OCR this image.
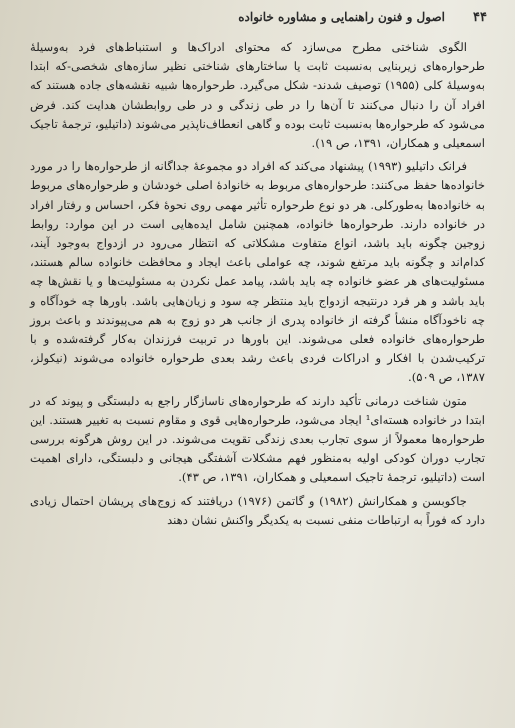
۴۴
اصول و فنون راهنمایی و مشاوره خانواده

الگوی شناختی مطرح می‌سازد که محتوای ادراک‌ها و استنباط‌های فرد به‌وسیلهٔ طرحواره‌های زیربنایی به‌نسبت ثابت یا ساختارهای شناختی نظیر سازه‌های شخصی-که ابتدا به‌وسیلهٔ کلی (۱۹۵۵) توصیف شدند- شکل می‌گیرد. طرحواره‌ها شبیه نقشه‌های جاده هستند که افراد آن را دنبال می‌کنند تا آن‌ها را در طی زندگی و در طی روابطشان هدایت کند. فرض می‌شود که طرحواره‌ها به‌نسبت ثابت بوده و گاهی انعطاف‌ناپذیر می‌شوند (داتیلیو، ترجمهٔ تاجیک اسمعیلی و همکاران، ۱۳۹۱، ص ۱۹).

فرانک داتیلیو (۱۹۹۳) پیشنهاد می‌کند که افراد دو مجموعهٔ جداگانه از طرحواره‌ها را در مورد خانواده‌ها حفظ می‌کنند: طرحواره‌های مربوط به خانوادهٔ اصلی خودشان و طرحواره‌های مربوط به خانواده‌ها به‌طورکلی. هر دو نوع طرحواره تأثیر مهمی روی نحوهٔ فکر، احساس و رفتار افراد در خانواده دارند. طرحواره‌ها خانواده، همچنین شامل ایده‌هایی است در این موارد: روابط زوجین چگونه باید باشد، انواع متفاوت مشکلاتی که انتظار می‌رود در ازدواج به‌وجود آیند، کدام‌اند و چگونه باید مرتفع شوند، چه عواملی باعث ایجاد و محافظت خانواده سالم هستند، مسئولیت‌های هر عضو خانواده چه باید باشد، پیامد عمل نکردن به مسئولیت‌ها و یا نقش‌ها چه باید باشد و هر فرد درنتیجه ازدواج باید منتظر چه سود و زیان‌هایی باشد. باورها چه خودآگاه و چه ناخودآگاه منشأ گرفته از خانواده پدری از جانب هر دو زوج به هم می‌پیوندند و باعث بروز طرحواره‌های خانواده فعلی می‌شوند. این باورها در تربیت فرزندان به‌کار گرفته‌شده و با ترکیب‌شدن با افکار و ادراکات فردی باعث رشد بعدی طرحواره خانواده می‌شوند (نیکولز، ۱۳۸۷، ص ۵۰۹).

متون شناخت درمانی تأکید دارند که طرحواره‌های ناسازگار راجع به دلبستگی و پیوند که در ابتدا در خانواده هسته‌ای¹ ایجاد می‌شود، طرحواره‌هایی قوی و مقاوم نسبت به تغییر هستند. این طرحواره‌ها معمولاً از سوی تجارب بعدی زندگی تقویت می‌شوند. در این روش هرگونه بررسی تجارب دوران کودکی اولیه به‌منظور فهم مشکلات آشفتگی هیجانی و دلبستگی، دارای اهمیت است (داتیلیو، ترجمهٔ تاجیک اسمعیلی و همکاران، ۱۳۹۱، ص ۴۳).

جاکوبسن و همکارانش (۱۹۸۲) و گاتمن (۱۹۷۶) دریافتند که زوج‌های پریشان احتمال زیادی دارد که فوراً به ارتباطات منفی نسبت به یکدیگر واکنش نشان دهند
